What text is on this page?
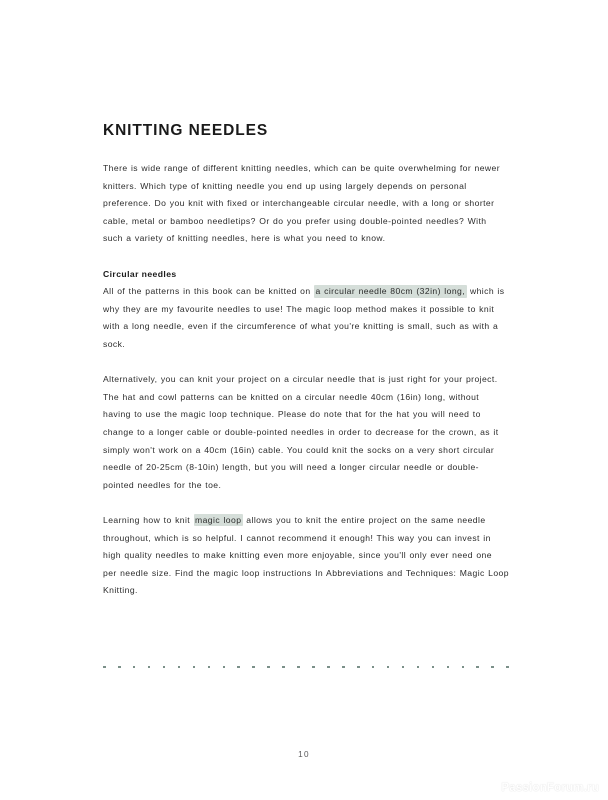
KNITTING NEEDLES

There is wide range of different knitting needles, which can be quite overwhelming for newer knitters. Which type of knitting needle you end up using largely depends on personal preference. Do you knit with fixed or interchangeable circular needle, with a long or shorter cable, metal or bamboo needletips? Or do you prefer using double-pointed needles? With such a variety of knitting needles, here is what you need to know.

Circular needles

All of the patterns in this book can be knitted on a circular needle 80cm (32in) long, which is why they are my favourite needles to use! The magic loop method makes it possible to knit with a long needle, even if the circumference of what you're knitting is small, such as with a sock.

Alternatively, you can knit your project on a circular needle that is just right for your project. The hat and cowl patterns can be knitted on a circular needle 40cm (16in) long, without having to use the magic loop technique. Please do note that for the hat you will need to change to a longer cable or double-pointed needles in order to decrease for the crown, as it simply won't work on a 40cm (16in) cable. You could knit the socks on a very short circular needle of 20-25cm (8-10in) length, but you will need a longer circular needle or double-pointed needles for the toe.

Learning how to knit magic loop allows you to knit the entire project on the same needle throughout, which is so helpful. I cannot recommend it enough! This way you can invest in high quality needles to make knitting even more enjoyable, since you'll only ever need one per needle size. Find the magic loop instructions In Abbreviations and Techniques: Magic Loop Knitting.

10
PassionForum.ru
